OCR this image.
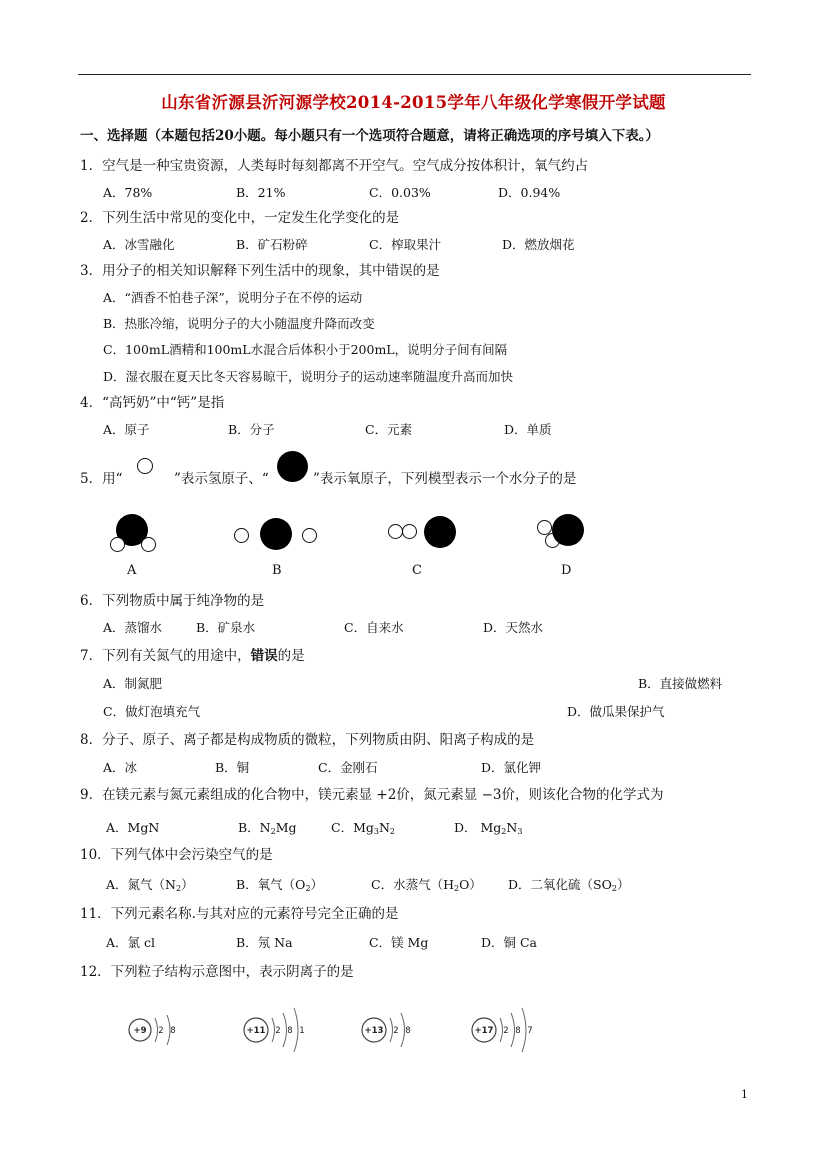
山东省沂源县沂河源学校2014-2015学年八年级化学寒假开学试题
一、选择题（本题包括20小题。每小题只有一个选项符合题意，请将正确选项的序号填入下表。）
1．空气是一种宝贵资源，人类每时每刻都离不开空气。空气成分按体积计，氧气约占
A．78%	B．21%	C．0.03%	D．0.94%
2．下列生活中常见的变化中，一定发生化学变化的是
A．冰雪融化	B．矿石粉碎	C．榨取果汁	D．燃放烟花
3．用分子的相关知识解释下列生活中的现象，其中错误的是
A．“酒香不怕巷子深”，说明分子在不停的运动
B．热胀冷缩，说明分子的大小随温度升降而改变
C．100mL酒精和100mL水混合后体积小于200mL，说明分子间有间隔
D．湿衣服在夏天比冬天容易晾干，说明分子的运动速率随温度升高而加快
4．“高钙奶”中“钙”是指
A．原子	B．分子	C．元素	D．单质
5．用“	”表示氢原子、“	”表示氧原子，下列模型表示一个水分子的是
A	B	C	D
6．下列物质中属于纯净物的是
A．蒸馏水	B．矿泉水	C．自来水	D．天然水
7．下列有关氮气的用途中，错误的是
A．制氮肥	B．直接做燃料
C．做灯泡填充气	D．做瓜果保护气
8．分子、原子、离子都是构成物质的微粒，下列物质由阴、阳离子构成的是
A．冰	B．铜	C．金刚石	D．氯化钾
9．在镁元素与氮元素组成的化合物中，镁元素显 +2价，氮元素显 −3价，则该化合物的化学式为
A．MgN	B．$N_2Mg$	C．$Mg_3N_2$	D． $Mg_2N_3$
10．下列气体中会污染空气的是
A．氮气$(N_2)$	B．氧气$(O_2)$	C．水蒸气$(H_2O)$ D．二氧化硫$(SO_2)$
11．下列元素名称.与其对应的元素符号完全正确的是
A．氯 cl	B．氖 Na	C．镁 Mg	D．铜 Ca
12．下列粒子结构示意图中，表示阴离子的是
+9 2 8	+11 2 8 1	+13 2 8	+17 2 8 7
1
